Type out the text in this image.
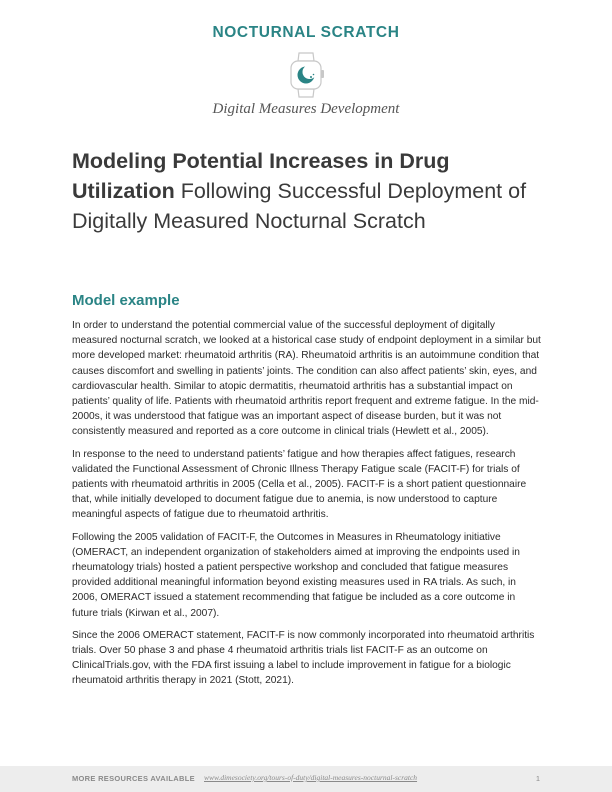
NOCTURNAL SCRATCH
Digital Measures Development
Modeling Potential Increases in Drug Utilization Following Successful Deployment of Digitally Measured Nocturnal Scratch
Model example

In order to understand the potential commercial value of the successful deployment of digitally measured nocturnal scratch, we looked at a historical case study of endpoint deployment in a similar but more developed market: rheumatoid arthritis (RA). Rheumatoid arthritis is an autoimmune condition that causes discomfort and swelling in patients’ joints. The condition can also affect patients’ skin, eyes, and cardiovascular health. Similar to atopic dermatitis, rheumatoid arthritis has a substantial impact on patients’ quality of life. Patients with rheumatoid arthritis report frequent and extreme fatigue. In the mid-2000s, it was understood that fatigue was an important aspect of disease burden, but it was not consistently measured and reported as a core outcome in clinical trials (Hewlett et al., 2005).

In response to the need to understand patients’ fatigue and how therapies affect fatigues, research validated the Functional Assessment of Chronic Illness Therapy Fatigue scale (FACIT-F) for trials of patients with rheumatoid arthritis in 2005 (Cella et al., 2005). FACIT-F is a short patient questionnaire that, while initially developed to document fatigue due to anemia, is now understood to capture meaningful aspects of fatigue due to rheumatoid arthritis.

Following the 2005 validation of FACIT-F, the Outcomes in Measures in Rheumatology initiative (OMERACT, an independent organization of stakeholders aimed at improving the endpoints used in rheumatology trials) hosted a patient perspective workshop and concluded that fatigue measures provided additional meaningful information beyond existing measures used in RA trials. As such, in 2006, OMERACT issued a statement recommending that fatigue be included as a core outcome in future trials (Kirwan et al., 2007).

Since the 2006 OMERACT statement, FACIT-F is now commonly incorporated into rheumatoid arthritis trials. Over 50 phase 3 and phase 4 rheumatoid arthritis trials list FACIT-F as an outcome on ClinicalTrials.gov, with the FDA first issuing a label to include improvement in fatigue for a biologic rheumatoid arthritis therapy in 2021 (Stott, 2021).

MORE RESOURCES AVAILABLE www.dimesociety.org/tours-of-duty/digital-measures-nocturnal-scratch	1
